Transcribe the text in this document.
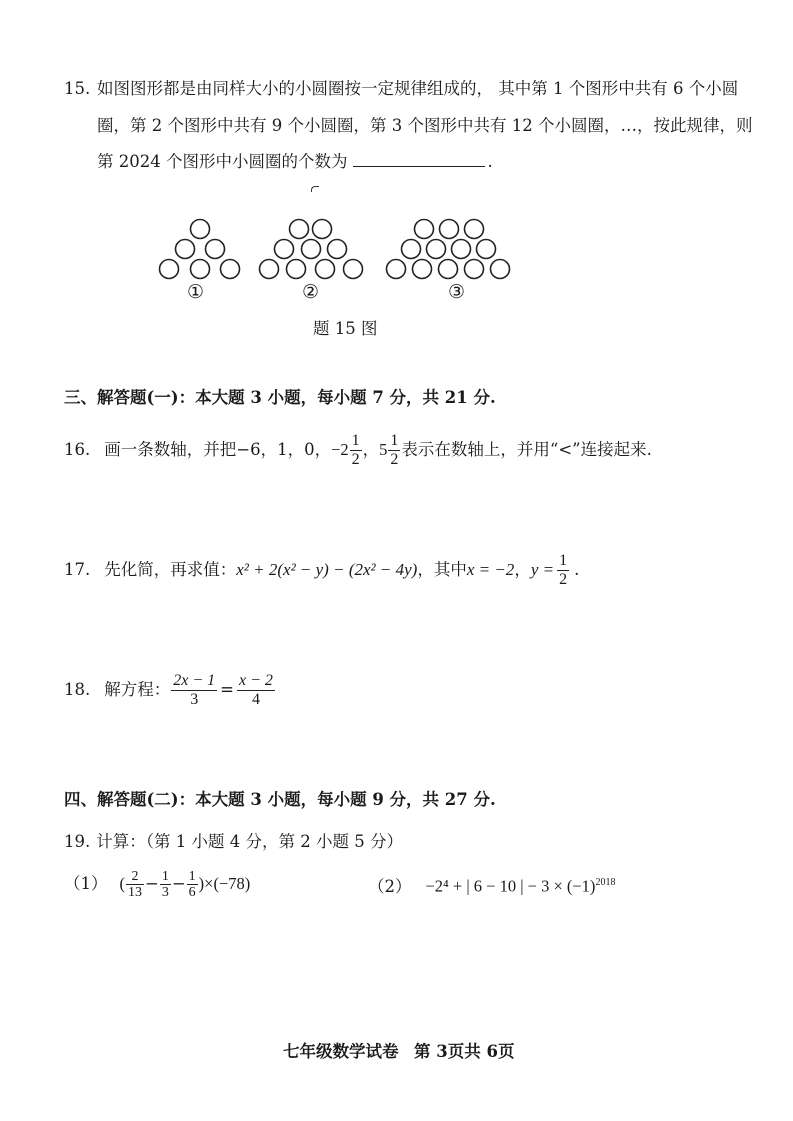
15. 如图图形都是由同样大小的小圆圈按一定规律组成的， 其中第 1 个图形中共有 6 个小圆
圈，第 2 个图形中共有 9 个小圆圈，第 3 个图形中共有 12 个小圆圈，…，按此规律，则
第 2024 个图形中小圆圈的个数为	.
①	②	③
题 15 图
三、解答题(一)：本大题 3 小题，每小题 7 分，共 21 分.
16. 画一条数轴，并把−6，1，0， $-2 \frac{1}{2}$ ， $5 \frac{1}{2}$ 表示在数轴上，并用“<”连接起来.
17. 先化简，再求值： x² + 2(x² − y) − (2x² − 4y) ，其中 x = −2 ， $y = \frac{1}{2}$ .
18. 解方程： $\frac{2x - 1}{3} = \frac{x - 2}{4}$
四、解答题(二)：本大题 3 小题，每小题 9 分，共 27 分.
19. 计算：（第 1 小题 4 分，第 2 小题 5 分）
（1） ( $\frac{2}{13} - \frac{1}{3} - \frac{1}{6}$ ) ×(−78)	（2） −2⁴ + | 6 − 10 | − $3 \times (-1)^{2018}$
七年级数学试卷 第 3页共 6页
